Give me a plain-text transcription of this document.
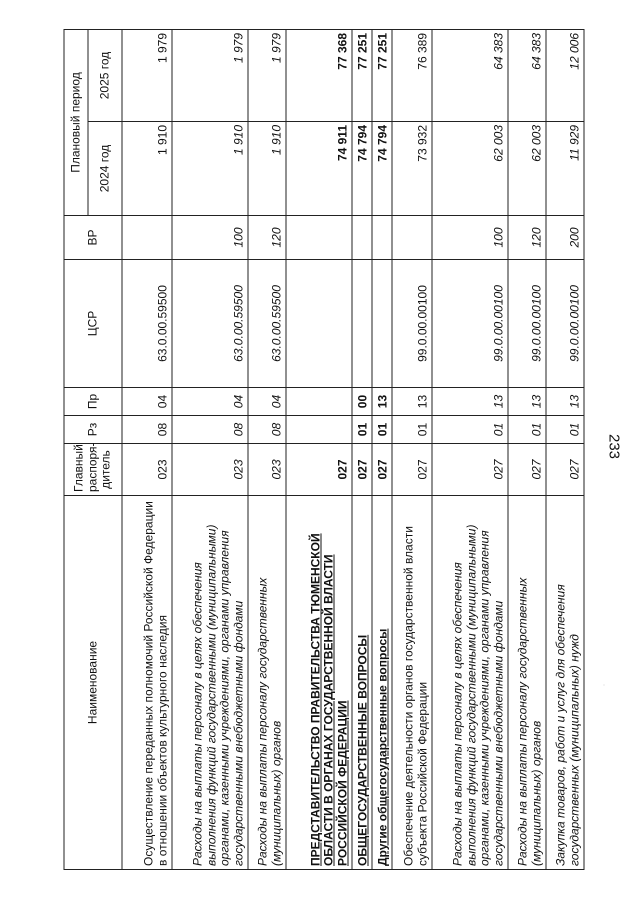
233
Наименование	Главный распоря-дитель	Рз	Пр	ЦСР	ВР	Плановый период	
						2024 год	2025 год
Осуществление переданных полномочий Российской Федерации в отношении объектов культурного наследия	023	08	04	63.0.00.59500		1 910	1 979
Расходы на выплаты персоналу в целях обеспечения выполнения функций государственными (муниципальными) органами, казенными учреждениями, органами управления государственными внебюджетными фондами	023	08	04	63.0.00.59500	100	1 910	1 979
Расходы на выплаты персоналу государственных (муниципальных) органов	023	08	04	63.0.00.59500	120	1 910	1 979
ПРЕДСТАВИТЕЛЬСТВО ПРАВИТЕЛЬСТВА ТЮМЕНСКОЙ ОБЛАСТИ В ОРГАНАХ ГОСУДАРСТВЕННОЙ ВЛАСТИ РОССИЙСКОЙ ФЕДЕРАЦИИ	027					74 911	77 368
ОБЩЕГОСУДАРСТВЕННЫЕ ВОПРОСЫ	027	01	00			74 794	77 251
Другие общегосударственные вопросы	027	01	13			74 794	77 251
Обеспечение деятельности органов государственной власти субъекта Российской Федерации	027	01	13	99.0.00.00100		73 932	76 389
Расходы на выплаты персоналу в целях обеспечения выполнения функций государственными (муниципальными) органами, казенными учреждениями, органами управления государственными внебюджетными фондами	027	01	13	99.0.00.00100	100	62 003	64 383
Расходы на выплаты персоналу государственных (муниципальных) органов	027	01	13	99.0.00.00100	120	62 003	64 383
Закупка товаров, работ и услуг для обеспечения государственных (муниципальных) нужд	027	01	13	99.0.00.00100	200	11 929	12 006
·
